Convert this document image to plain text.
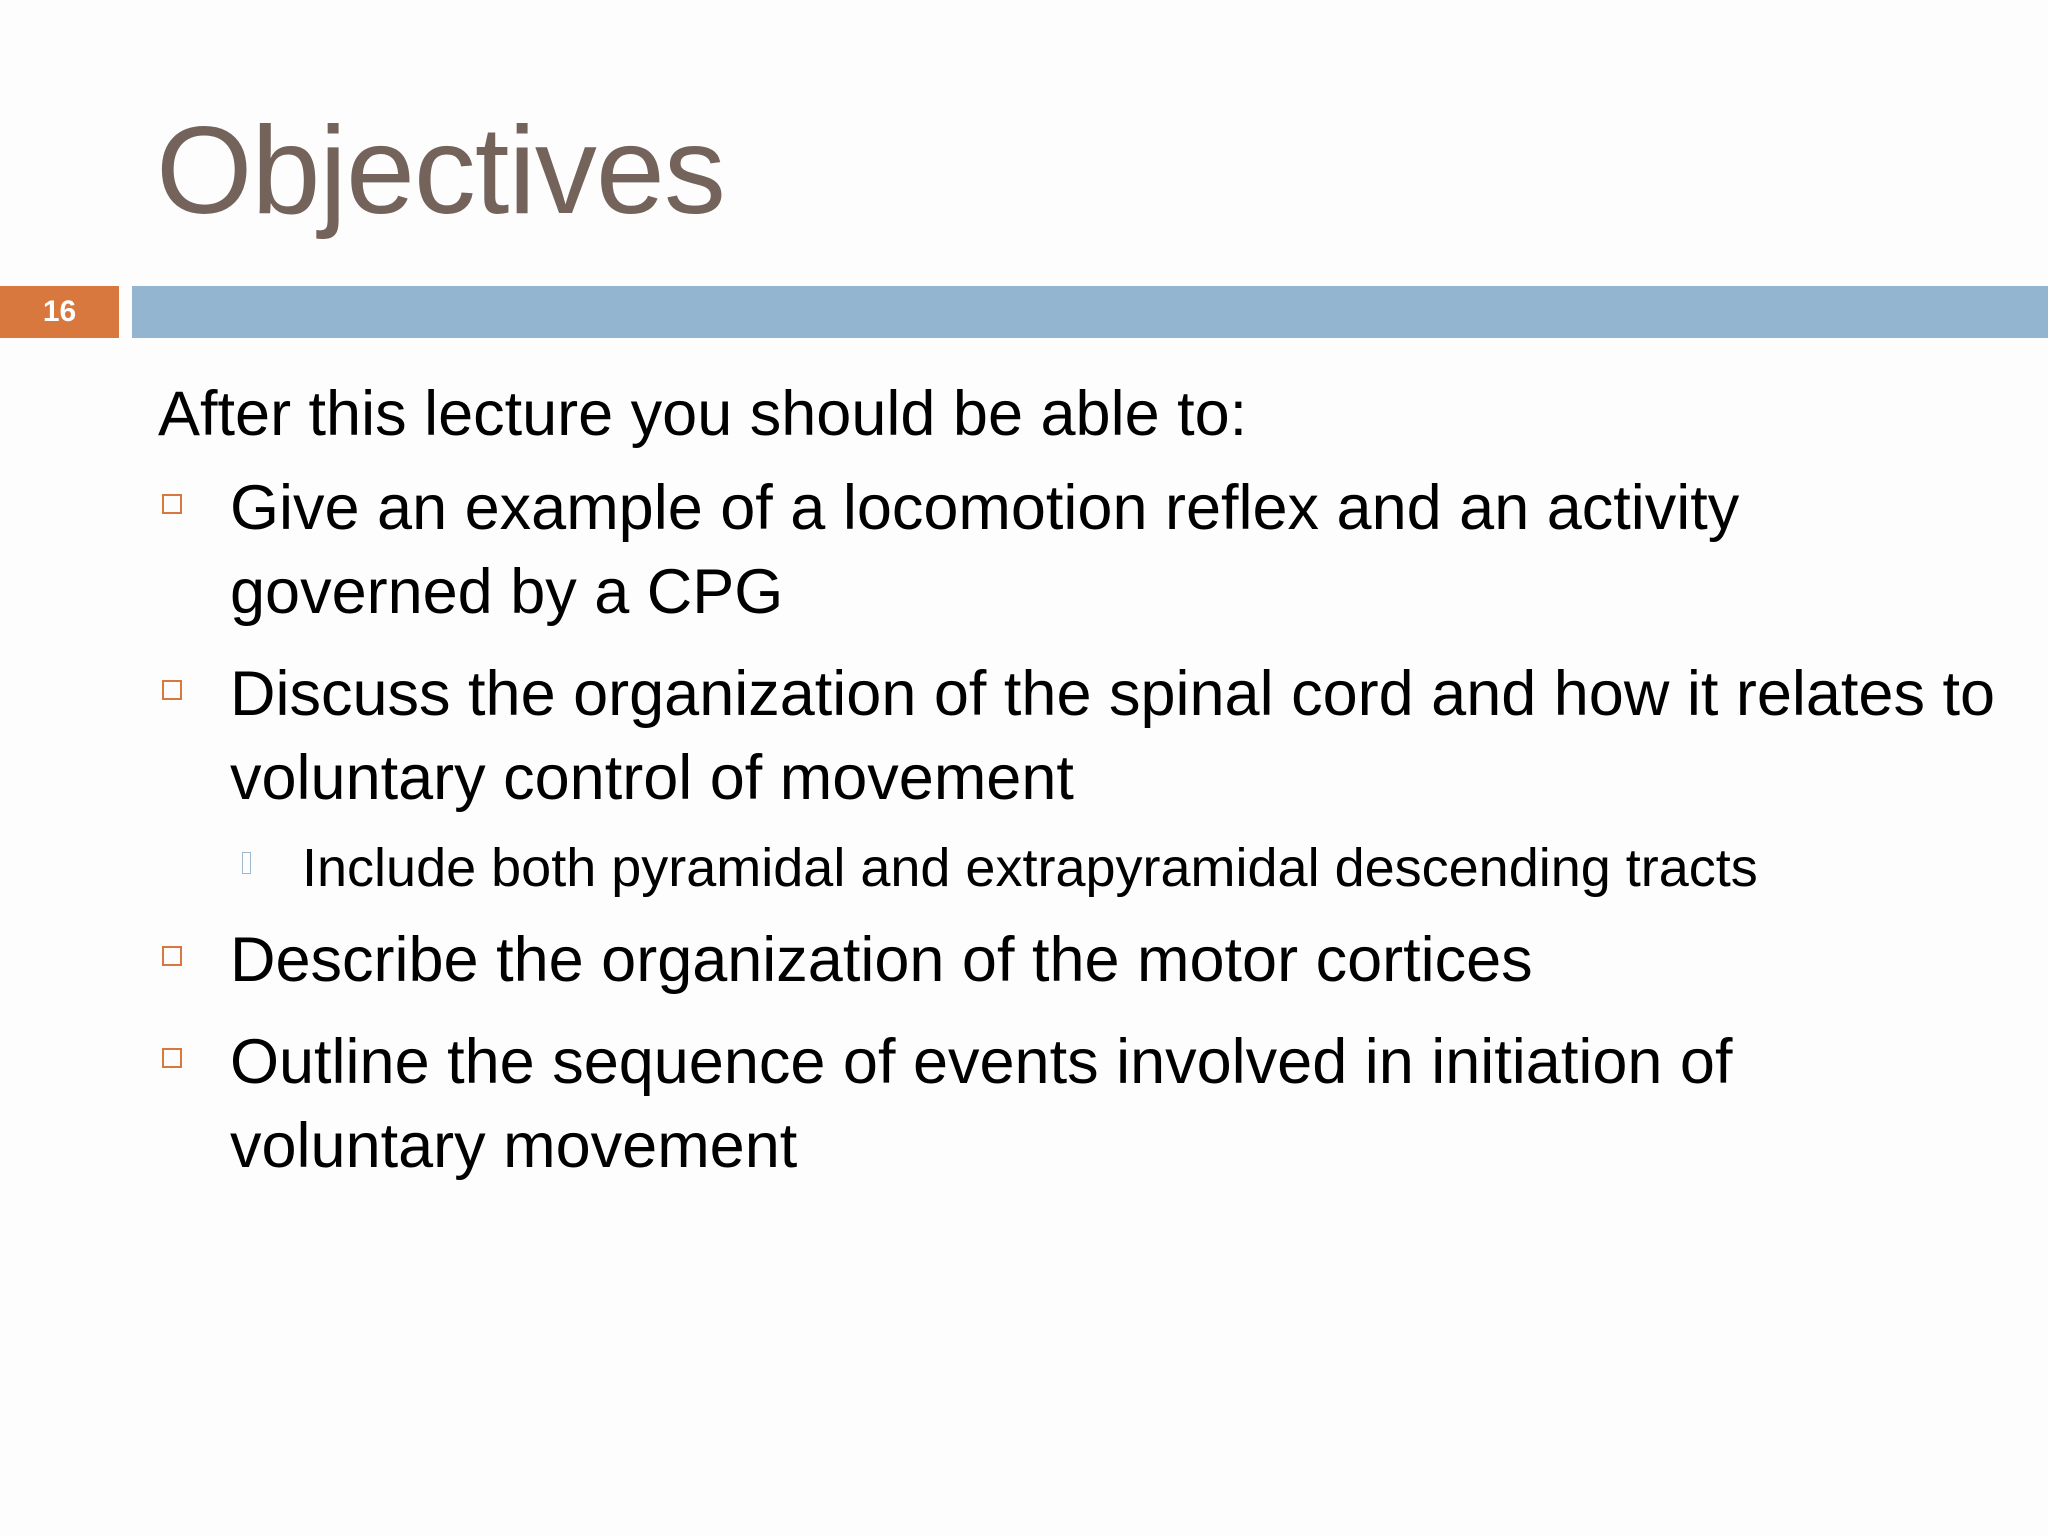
Objectives
16

After this lecture you should be able to:

Give an example of a locomotion reflex and an activity governed by a CPG
Discuss the organization of the spinal cord and how it relates to voluntary control of movement
Include both pyramidal and extrapyramidal descending tracts
Describe the organization of the motor cortices
Outline the sequence of events involved in initiation of voluntary movement
